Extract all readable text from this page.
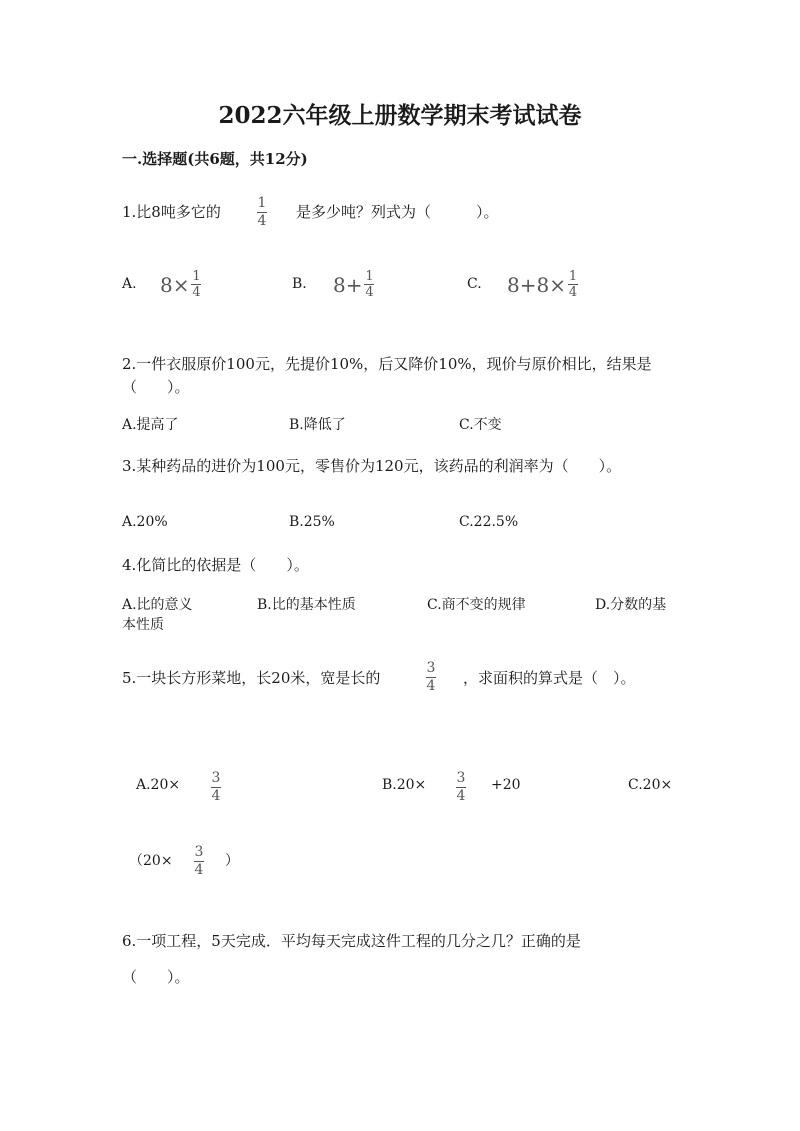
2022六年级上册数学期末考试试卷
一.选择题(共6题，共12分)
1.比8吨多它的	1
4 是多少吨？列式为（　　　）。
A. $8\times \frac{1}{4}$	B. $8+ \frac{1}{4}$	C. $8+8\times \frac{1}{4}$
2.一件衣服原价100元，先提价10%，后又降价10%，现价与原价相比，结果是
（　　）。
A.提高了	B.降低了	C.不变
3.某种药品的进价为100元，零售价为120元，该药品的利润率为（　　）。
A.20%	B.25%	C.22.5%
4.化简比的依据是（　　）。
A.比的意义	B.比的基本性质	C.商不变的规律	D.分数的基
本性质
5.一块长方形菜地，长20米，宽是长的
3
4 ，求面积的算式是（　）。
A.20× 3
4
B.20× 3
4
+20	C.20×
（20×
3
4
）
6.一项工程，5天完成．平均每天完成这件工程的几分之几？正确的是
（　　）。
